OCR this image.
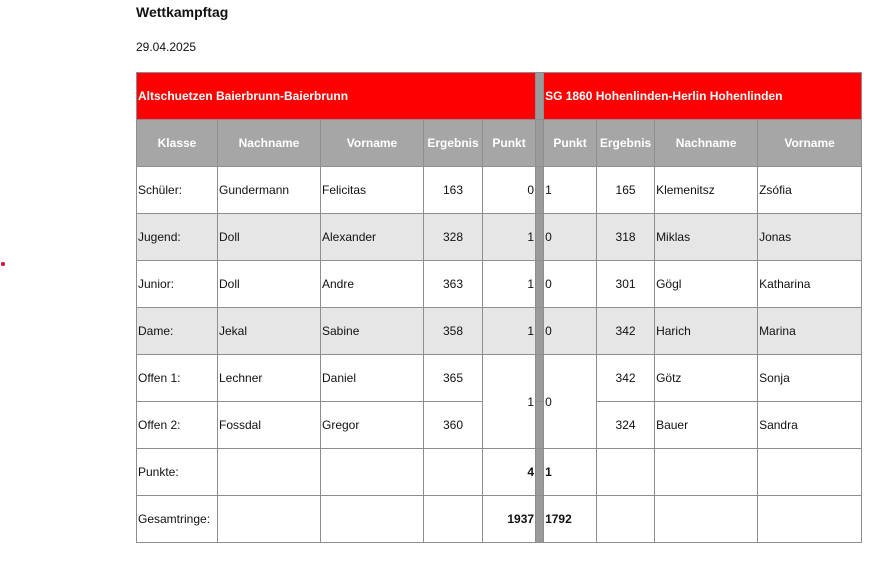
Wettkampftag
29.04.2025
Altschuetzen Baierbrunn-Baierbrunn						SG 1860 Hohenlinden-Herlin Hohenlinden			
Klasse	Nachname	Vorname	Ergebnis	Punkt		Punkt	Ergebnis	Nachname	Vorname
Schüler:	Gundermann	Felicitas	163	0		1	165	Klemenitsz	Zsófia
Jugend:	Doll	Alexander	328	1		0	318	Miklas	Jonas
Junior:	Doll	Andre	363	1		0	301	Gögl	Katharina
Dame:	Jekal	Sabine	358	1		0	342	Harich	Marina
Offen 1:	Lechner	Daniel	365	1		0	342	Götz	Sonja
Offen 2:	Fossdal	Gregor	360				324	Bauer	Sandra
Punkte:				4		1			
Gesamtringe:				1937		1792			
